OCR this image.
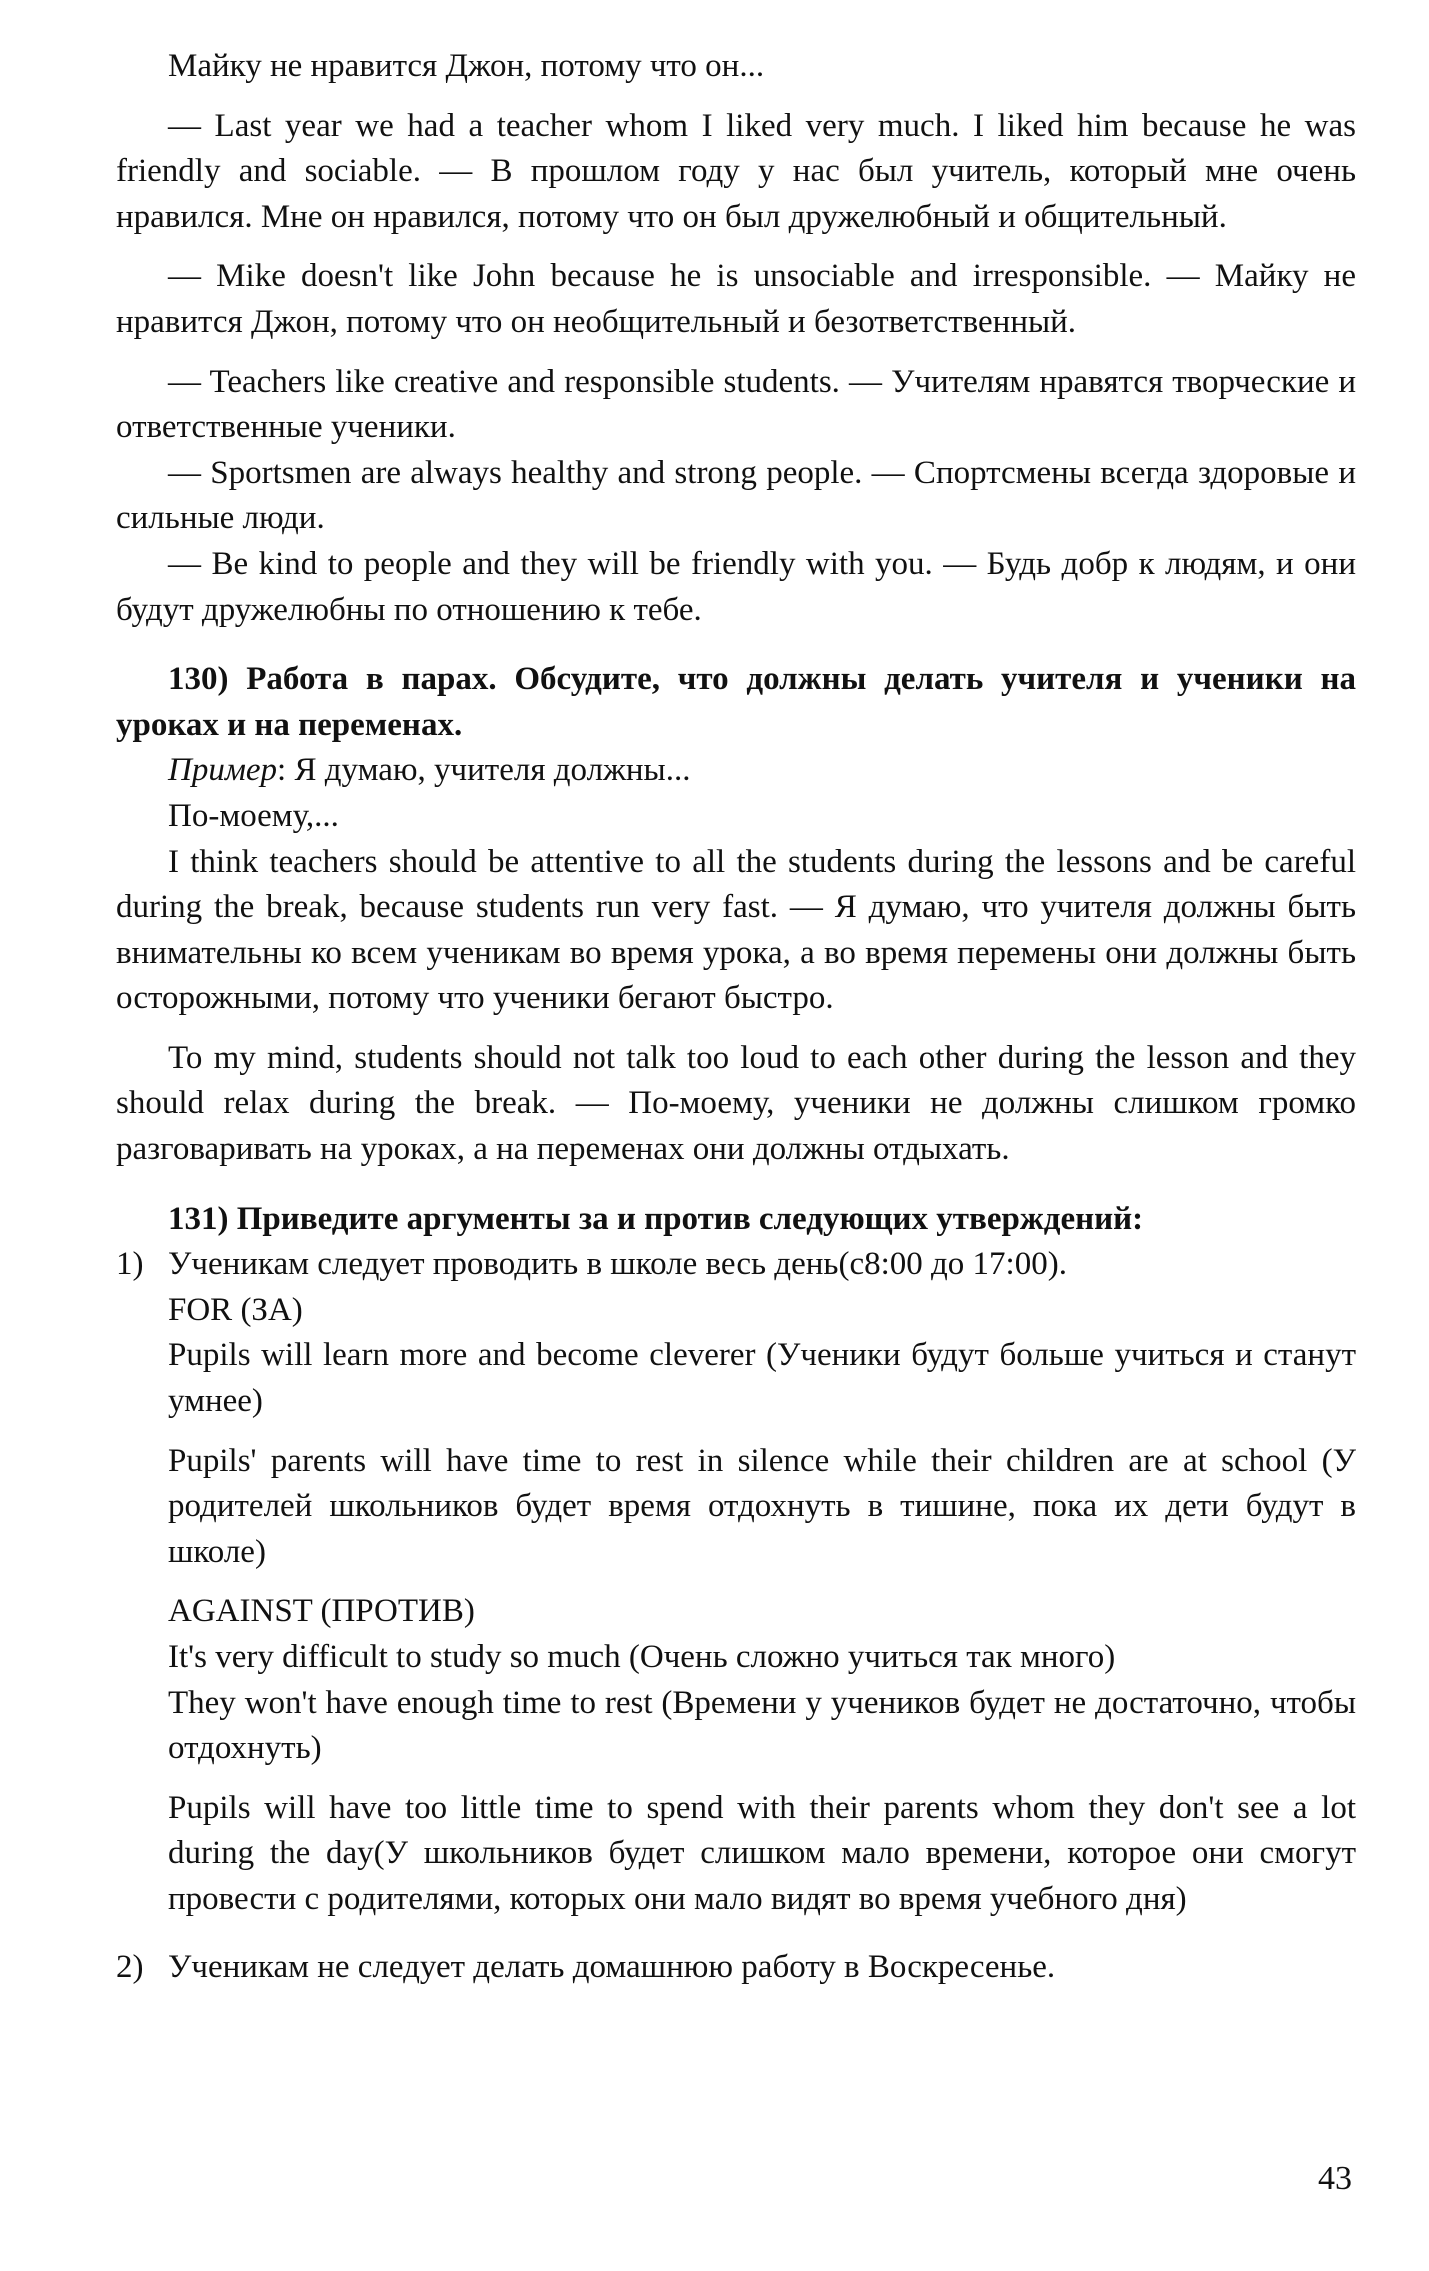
Майку не нравится Джон, потому что он...

— Last year we had a teacher whom I liked very much. I liked him because he was friendly and sociable. — В прошлом году у нас был учитель, который мне очень нравился. Мне он нравился, потому что он был дружелюбный и общительный.

— Mike doesn't like John because he is unsociable and irresponsible. — Майку не нравится Джон, потому что он необщительный и безответственный.

— Teachers like creative and responsible students. — Учителям нравятся творческие и ответственные ученики.

— Sportsmen are always healthy and strong people. — Спортсмены всегда здоровые и сильные люди.

— Be kind to people and they will be friendly with you. — Будь добр к людям, и они будут дружелюбны по отношению к тебе.

130) Работа в парах. Обсудите, что должны делать учителя и ученики на уроках и на переменах.

Пример: Я думаю, учителя должны...

По-моему,...

I think teachers should be attentive to all the students during the lessons and be careful during the break, because students run very fast. — Я думаю, что учителя должны быть внимательны ко всем ученикам во время урока, а во время перемены они должны быть осторожными, потому что ученики бегают быстро.

To my mind, students should not talk too loud to each other during the lesson and they should relax during the break. — По-моему, ученики не должны слишком громко разговаривать на уроках, а на переменах они должны отдыхать.

131) Приведите аргументы за и против следующих утверждений:

1) Ученикам следует проводить в школе весь день(с8:00 до 17:00).

FOR (ЗА)

Pupils will learn more and become cleverer (Ученики будут больше учиться и станут умнее)

Pupils' parents will have time to rest in silence while their children are at school (У родителей школьников будет время отдохнуть в тишине, пока их дети будут в школе)

AGAINST (ПРОТИВ)

It's very difficult to study so much (Очень сложно учиться так много)

They won't have enough time to rest (Времени у учеников будет не достаточно, чтобы отдохнуть)

Pupils will have too little time to spend with their parents whom they don't see a lot during the day(У школьников будет слишком мало времени, которое они смогут провести с родителями, которых они мало видят во время учебного дня)

2) Ученикам не следует делать домашнюю работу в Воскресенье.

43
